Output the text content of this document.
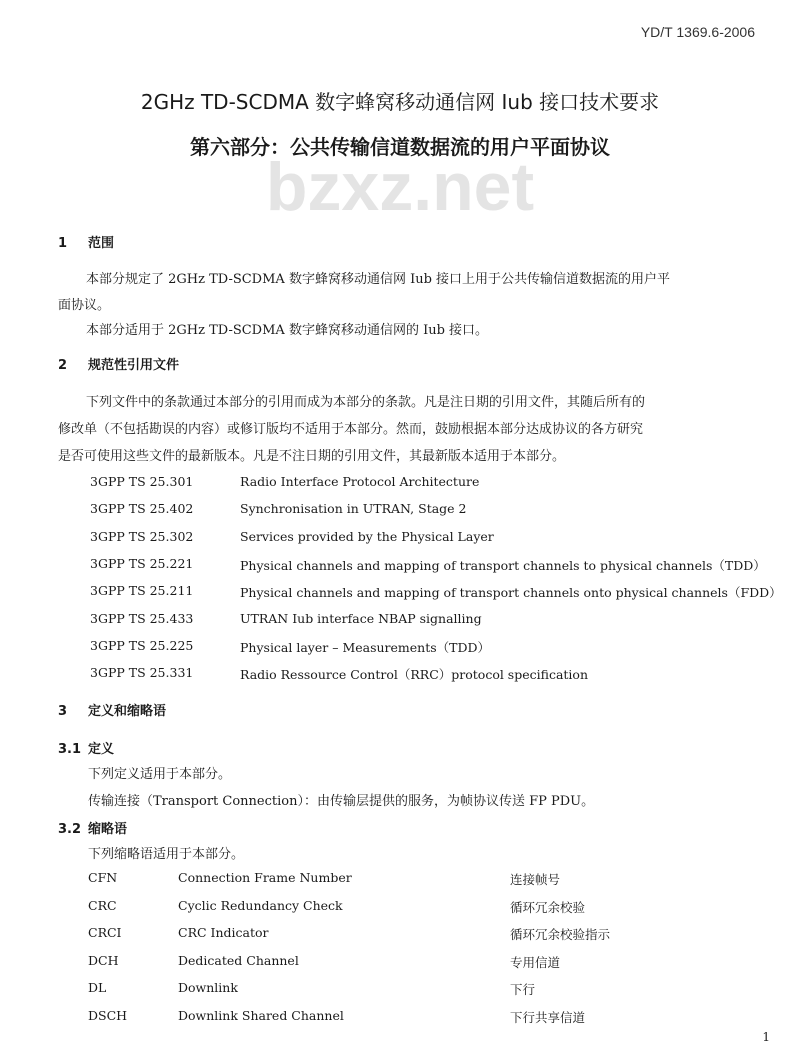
YD/T 1369.6-2006
bzxz.net
2GHz TD-SCDMA 数字蜂窝移动通信网 Iub 接口技术要求
第六部分：公共传输信道数据流的用户平面协议
1 范围
本部分规定了 2GHz TD-SCDMA 数字蜂窝移动通信网 Iub 接口上用于公共传输信道数据流的用户平
面协议。
本部分适用于 2GHz TD-SCDMA 数字蜂窝移动通信网的 Iub 接口。
2 规范性引用文件
下列文件中的条款通过本部分的引用而成为本部分的条款。凡是注日期的引用文件，其随后所有的
修改单（不包括勘误的内容）或修订版均不适用于本部分。然而，鼓励根据本部分达成协议的各方研究
是否可使用这些文件的最新版本。凡是不注日期的引用文件，其最新版本适用于本部分。
3GPP TS 25.301	Radio Interface Protocol Architecture
3GPP TS 25.402	Synchronisation in UTRAN, Stage 2
3GPP TS 25.302	Services provided by the Physical Layer
3GPP TS 25.221	Physical channels and mapping of transport channels to physical channels（TDD）
3GPP TS 25.211	Physical channels and mapping of transport channels onto physical channels（FDD）
3GPP TS 25.433	UTRAN Iub interface NBAP signalling
3GPP TS 25.225	Physical layer – Measurements（TDD）
3GPP TS 25.331	Radio Ressource Control（RRC）protocol specification
3 定义和缩略语
3.1 定义
下列定义适用于本部分。
传输连接（Transport Connection）：由传输层提供的服务，为帧协议传送 FP PDU。
3.2 缩略语
下列缩略语适用于本部分。
CFN	Connection Frame Number	连接帧号
CRC	Cyclic Redundancy Check	循环冗余校验
CRCI	CRC Indicator	循环冗余校验指示
DCH	Dedicated Channel	专用信道
DL	Downlink	下行
DSCH	Downlink Shared Channel	下行共享信道
1
